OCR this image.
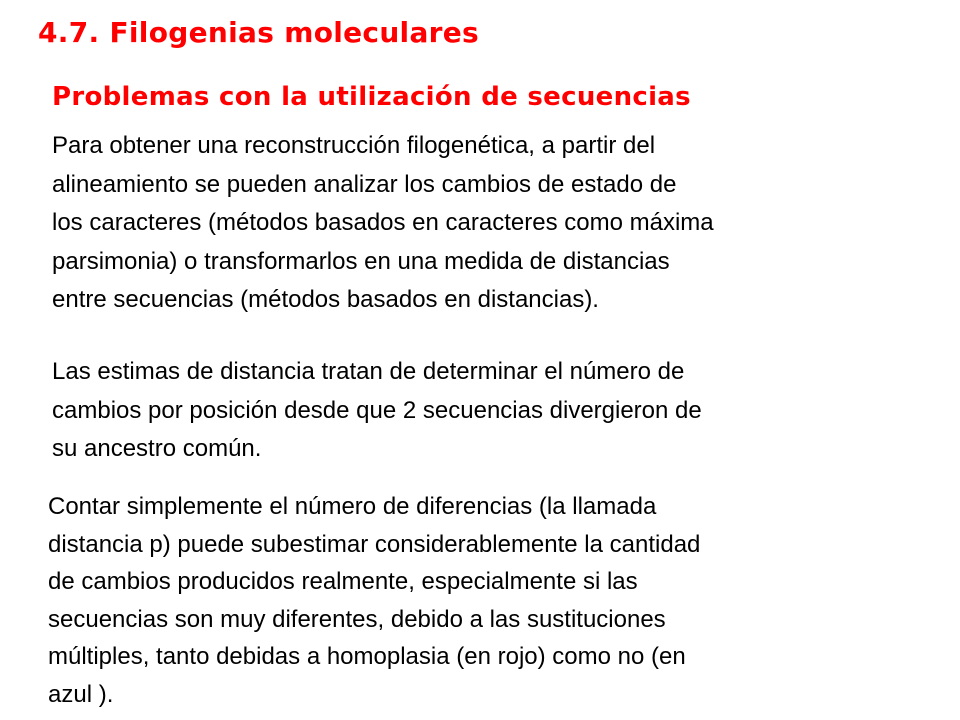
4.7. Filogenias moleculares
Problemas con la utilización de secuencias

Para obtener una reconstrucción filogenética, a partir del
alineamiento se pueden analizar los cambios de estado de
los caracteres (métodos basados en caracteres como máxima
parsimonia) o transformarlos en una medida de distancias
entre secuencias (métodos basados en distancias).

Las estimas de distancia tratan de determinar el número de
cambios por posición desde que 2 secuencias divergieron de
su ancestro común.

Contar simplemente el número de diferencias (la llamada
distancia p) puede subestimar considerablemente la cantidad
de cambios producidos realmente, especialmente si las
secuencias son muy diferentes, debido a las sustituciones
múltiples, tanto debidas a homoplasia (en rojo) como no (en
azul ).
